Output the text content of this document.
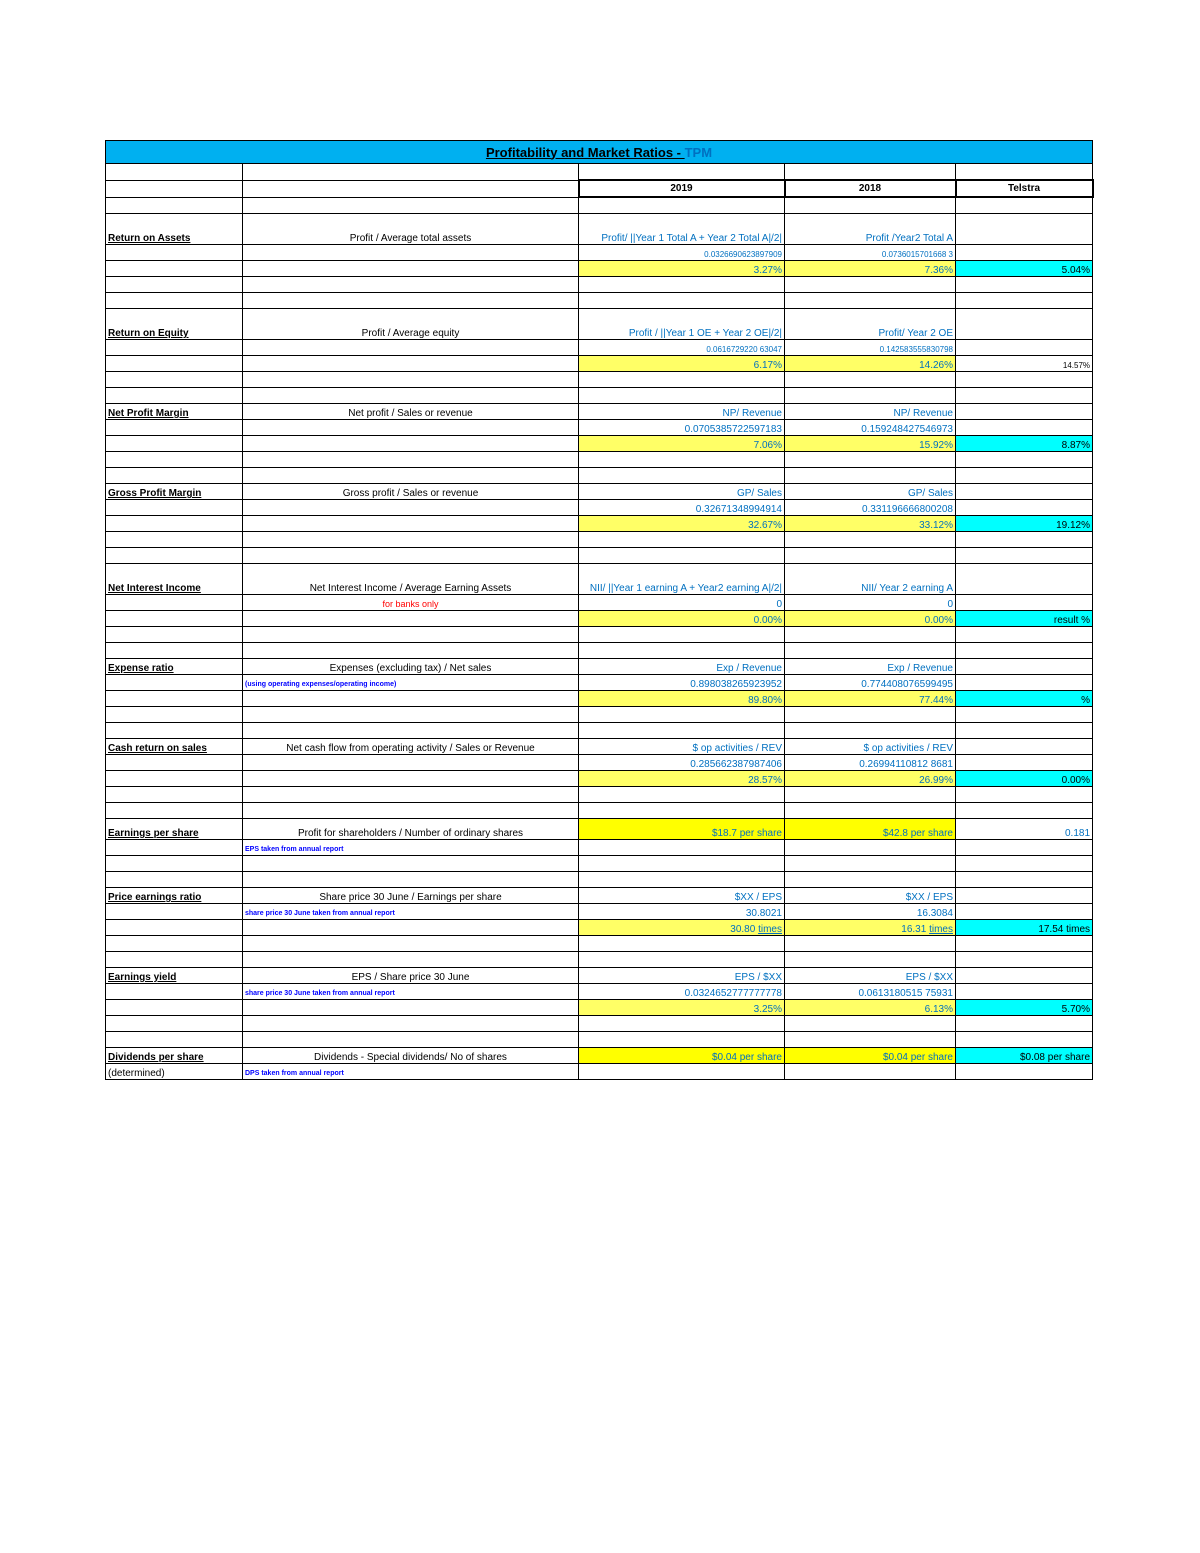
Profitability and Market Ratios - TPM				

		2019	2018	Telstra

Return on Assets	Profit / Average total assets	Profit/ ||Year 1 Total A + Year 2 Total A|/2|	Profit /Year2 Total A	
		0.0326690623897909	0.0736015701668 3	
		3.27%	7.36%	5.04%

Return on Equity	Profit / Average equity	Profit / ||Year 1 OE + Year 2 OE|/2|	Profit/ Year 2 OE	
		0.0616729220 63047	0.142583555830798	
		6.17%	14.26%	14.57%

Net Profit Margin	Net profit / Sales or revenue	NP/ Revenue	NP/ Revenue	
		0.0705385722597183	0.159248427546973	
		7.06%	15.92%	8.87%

Gross Profit Margin	Gross profit / Sales or revenue	GP/ Sales	GP/ Sales	
		0.32671348994914	0.331196666800208	
		32.67%	33.12%	19.12%

Net Interest Income	Net Interest Income / Average Earning Assets	NII/ ||Year 1 earning A + Year2 earning A|/2|	NII/ Year 2 earning A	
	for banks only	0	0	
		0.00%	0.00%	result %

Expense ratio	Expenses (excluding tax) / Net sales	Exp / Revenue	Exp / Revenue	
	(using operating expenses/operating income)	0.898038265923952	0.774408076599495	
		89.80%	77.44%	%

Cash return on sales	Net cash flow from operating activity / Sales or Revenue	$ op activities / REV	$ op activities / REV	
		0.285662387987406	0.26994110812 8681	
		28.57%	26.99%	0.00%

Earnings per share	Profit for shareholders / Number of ordinary shares	$18.7 per share	$42.8 per share	0.181
	EPS taken from annual report			

Price earnings ratio	Share price 30 June / Earnings per share	$XX / EPS	$XX / EPS	
	share price 30 June taken from annual report	30.8021	16.3084	
		30.80 times	16.31 times	17.54 times

Earnings yield	EPS / Share price 30 June	EPS / $XX	EPS / $XX	
	share price 30 June taken from annual report	0.0324652777777778	0.0613180515 75931	
		3.25%	6.13%	5.70%

Dividends per share	Dividends - Special dividends/ No of shares	$0.04 per share	$0.04 per share	$0.08 per share
(determined)	DPS taken from annual report			
